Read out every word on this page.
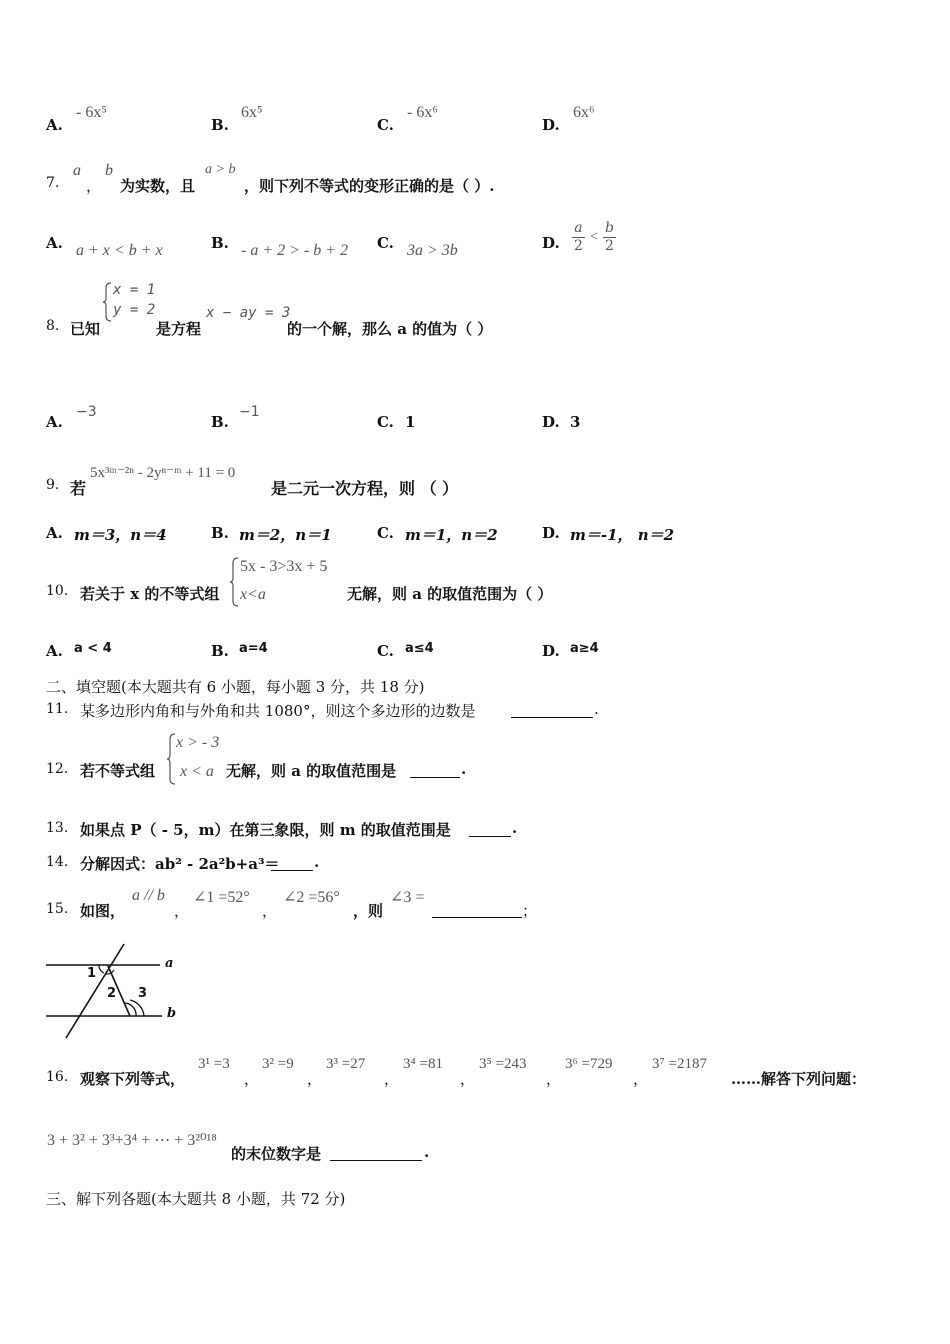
A.
- 6x⁵
B.
6x⁵
C.
- 6x⁶
D.
6x⁶
7.
a
，
b
为实数，且
a > b
，则下列不等式的变形正确的是（ ）.
A. a + x < b + x	B. - a + 2 > - b + 2 C. 3a > 3b	D. $\frac{a}{2} < \frac{b}{2}$
8. 已知
x = 1
y = 2
是方程
x − ay = 3
的一个解，那么 a 的值为（ ）
A.
−3
B.
−1
C. 1	D. 3
9. 若
5x³ᵐ⁻²ⁿ - 2yⁿ⁻ᵐ + 11 = 0
是二元一次方程，则 （ ）
A. m＝3，n＝4	B. m＝2，n＝1	C. m＝1，n＝2	D. m＝-1， n＝2
10. 若关于 x 的不等式组
5x - 3>3x + 5
x<a	无解，则 a 的取值范围为（ ）
A. a < 4	B. a=4	C. a≤4	D. a≥4
二、填空题(本大题共有 6 小题，每小题 3 分，共 18 分)
11. 某多边形内角和与外角和共 1080°，则这个多边形的边数是	.
12. 若不等式组
x > - 3
x < a 无解，则 a 的取值范围是	.
13. 如果点 P（ - 5，m）在第三象限，则 m 的取值范围是	.
14. 分解因式：ab² - 2a²b+a³＝ .
15. 如图，
a // b
，
∠1 =52°
，
∠2 =56°
，则
∠3 =
；
1
2 3
a
b
16. 观察下列等式，
3¹ =3
，
3² =9
，
3³ =27
，
3⁴ =81
，
3⁵ =243
，
3⁶ =729
，
3⁷ =2187
……解答下列问题：
3 + 3² + 3³+3⁴ + ⋯ + 3²⁰¹⁸
的末位数字是	.
三、解下列各题(本大题共 8 小题，共 72 分)
